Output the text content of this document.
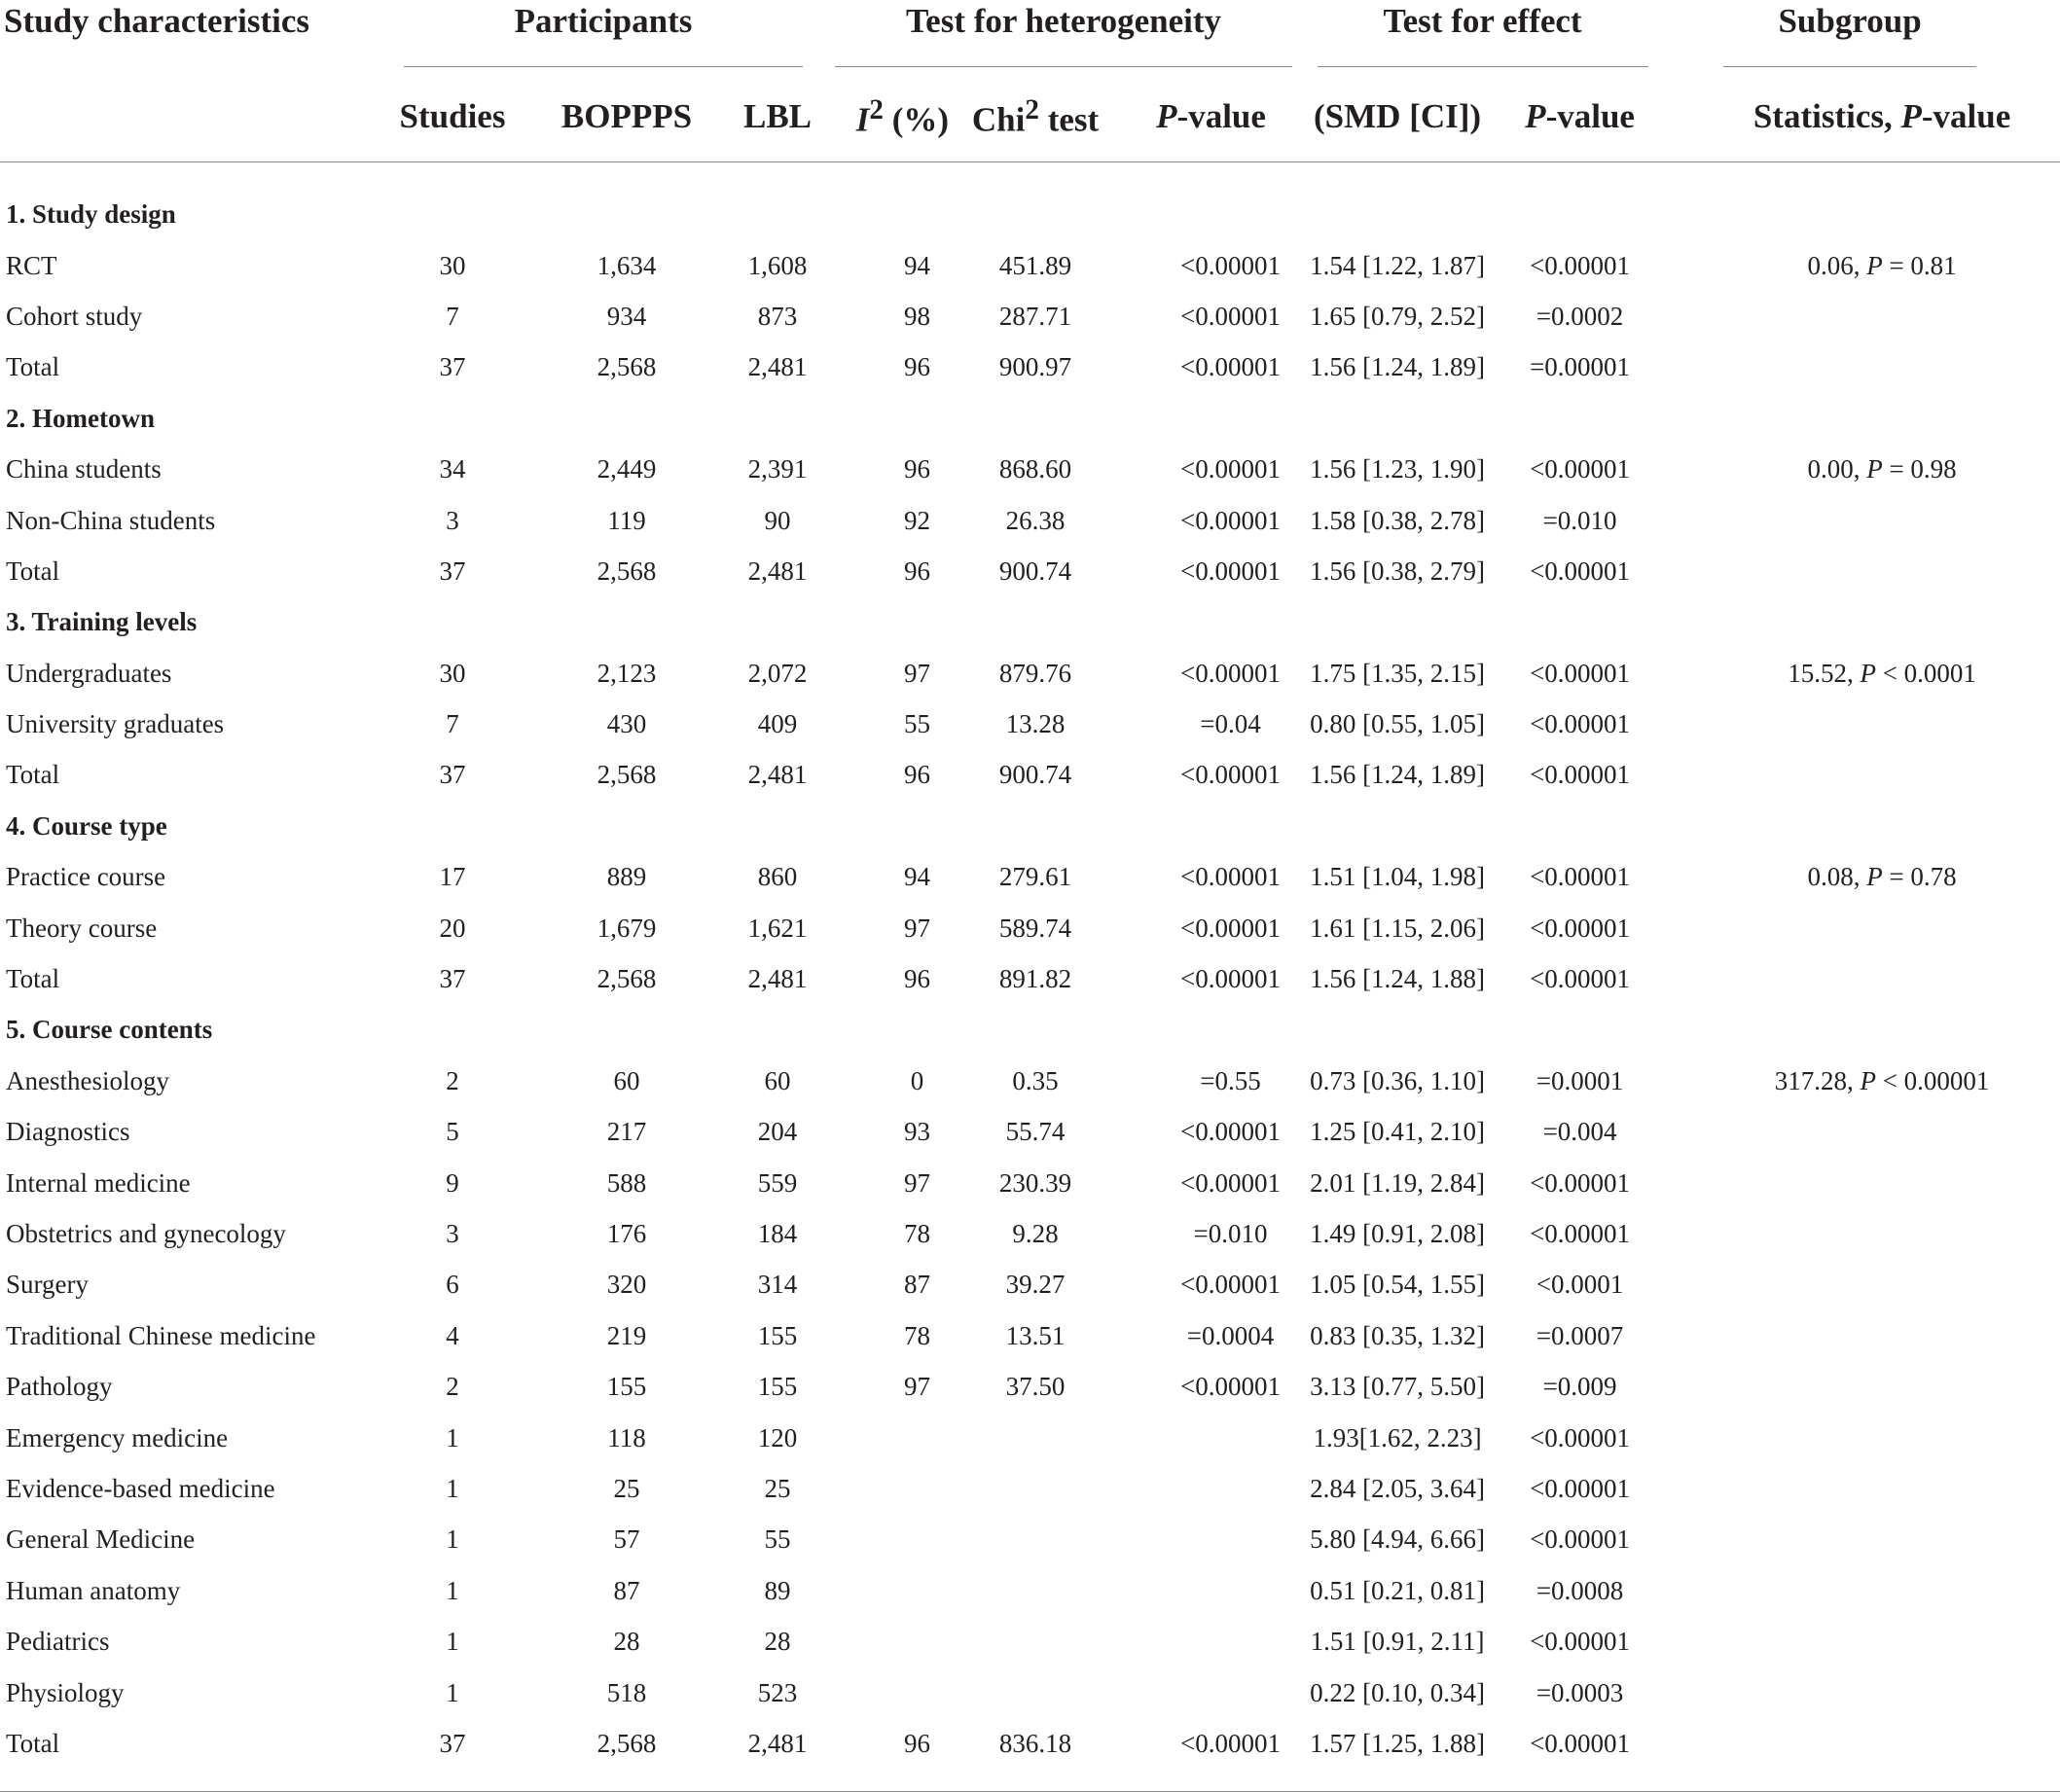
Study characteristics	Participants			Test for heterogeneity			Test for effect		Subgroup

	Studies	BOPPPS	LBL	$I^2$ (%)	Chi$^2$ test	P-value	(SMD [CI])	P-value	Statistics, P-value

1. Study design									
RCT	30	1,634	1,608	94	451.89	<0.00001	1.54 [1.22, 1.87]	<0.00001	0.06, P = 0.81
Cohort study	7	934	873	98	287.71	<0.00001	1.65 [0.79, 2.52]	=0.0002	
Total	37	2,568	2,481	96	900.97	<0.00001	1.56 [1.24, 1.89]	=0.00001	
2. Hometown									
China students	34	2,449	2,391	96	868.60	<0.00001	1.56 [1.23, 1.90]	<0.00001	0.00, P = 0.98
Non-China students	3	119	90	92	26.38	<0.00001	1.58 [0.38, 2.78]	=0.010	
Total	37	2,568	2,481	96	900.74	<0.00001	1.56 [0.38, 2.79]	<0.00001	
3. Training levels									
Undergraduates	30	2,123	2,072	97	879.76	<0.00001	1.75 [1.35, 2.15]	<0.00001	15.52, P < 0.0001
University graduates	7	430	409	55	13.28	=0.04	0.80 [0.55, 1.05]	<0.00001	
Total	37	2,568	2,481	96	900.74	<0.00001	1.56 [1.24, 1.89]	<0.00001	
4. Course type									
Practice course	17	889	860	94	279.61	<0.00001	1.51 [1.04, 1.98]	<0.00001	0.08, P = 0.78
Theory course	20	1,679	1,621	97	589.74	<0.00001	1.61 [1.15, 2.06]	<0.00001	
Total	37	2,568	2,481	96	891.82	<0.00001	1.56 [1.24, 1.88]	<0.00001	
5. Course contents									
Anesthesiology	2	60	60	0	0.35	=0.55	0.73 [0.36, 1.10]	=0.0001	317.28, P < 0.00001
Diagnostics	5	217	204	93	55.74	<0.00001	1.25 [0.41, 2.10]	=0.004	
Internal medicine	9	588	559	97	230.39	<0.00001	2.01 [1.19, 2.84]	<0.00001	
Obstetrics and gynecology	3	176	184	78	9.28	=0.010	1.49 [0.91, 2.08]	<0.00001	
Surgery	6	320	314	87	39.27	<0.00001	1.05 [0.54, 1.55]	<0.0001	
Traditional Chinese medicine	4	219	155	78	13.51	=0.0004	0.83 [0.35, 1.32]	=0.0007	
Pathology	2	155	155	97	37.50	<0.00001	3.13 [0.77, 5.50]	=0.009	
Emergency medicine	1	118	120				1.93[1.62, 2.23]	<0.00001	
Evidence-based medicine	1	25	25				2.84 [2.05, 3.64]	<0.00001	
General Medicine	1	57	55				5.80 [4.94, 6.66]	<0.00001	
Human anatomy	1	87	89				0.51 [0.21, 0.81]	=0.0008	
Pediatrics	1	28	28				1.51 [0.91, 2.11]	<0.00001	
Physiology	1	518	523				0.22 [0.10, 0.34]	=0.0003	
Total	37	2,568	2,481	96	836.18	<0.00001	1.57 [1.25, 1.88]	<0.00001	
